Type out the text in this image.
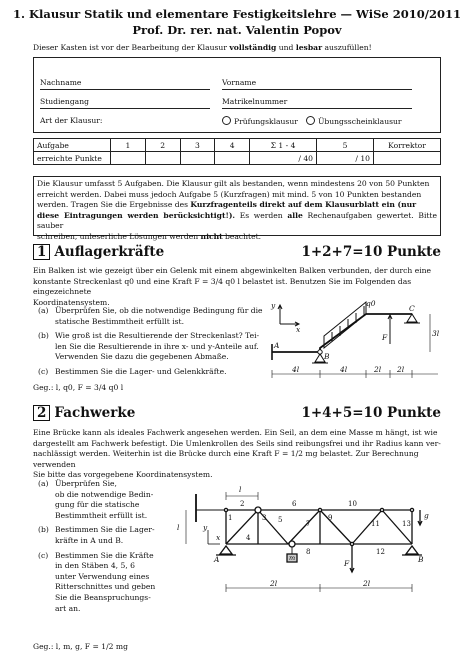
1. Klausur Statik und elementare Festigkeitslehre — WiSe 2010/2011
Prof. Dr. rer. nat. Valentin Popov
Dieser Kasten ist vor der Bearbeitung der Klausur vollständig und lesbar auszufüllen!
Nachname	Vorname
Studiengang	Matrikelnummer
Art der Klausur:	Prüfungsklausur	Übungsscheinklausur
Aufgabe	1	2	3	4	Σ 1 - 4	5	Korrektor
erreichte Punkte					/ 40	/ 10	
Die Klausur umfasst 5 Aufgaben. Die Klausur gilt als bestanden, wenn mindestens 20 von 50 Punkten
erreicht werden. Dabei muss jedoch Aufgabe 5 (Kurzfragen) mit mind. 5 von 10 Punkten bestanden
werden. Tragen Sie die Ergebnisse des Kurzfragenteils direkt auf dem Klausurblatt ein (nur
diese Eintragungen werden berücksichtigt!). Es werden alle Rechenaufgaben gewertet. Bitte sauber
schreiben, unleserliche Lösungen werden nicht beachtet.
1 Auflagerkräfte	1+2+7=10 Punkte
Ein Balken ist wie gezeigt über ein Gelenk mit einem abgewinkelten Balken verbunden, der durch eine
konstante Streckenlast q0 und eine Kraft F = 3/4 q0 l belastet ist. Benutzen Sie im Folgenden das eingezeichnete
Koordinatensystem.
(a) Überprüfen Sie, ob die notwendige Bedingung für die
statische Bestimmtheit erfüllt ist.
(b) Wie groß ist die Resultierende der Streckenlast? Tei-
len Sie die Resultierende in ihre x- und y-Anteile auf.
Verwenden Sie dazu die gegebenen Abmaße.
(c) Bestimmen Sie die Lager- und Gelenkkräfte.
Geg.: l, q0, F = 3/4 q0 l
y
x
q0
C
F
A
B
3l
4l	4l	2l 2l
2 Fachwerke	1+4+5=10 Punkte
Eine Brücke kann als ideales Fachwerk angesehen werden. Ein Seil, an dem eine Masse m hängt, ist wie
dargestellt am Fachwerk befestigt. Die Umlenkrollen des Seils sind reibungsfrei und ihr Radius kann ver-
nachlässigt werden. Weiterhin ist die Brücke durch eine Kraft F = 1/2 mg belastet. Zur Berechnung verwenden
Sie bitte das vorgegebene Koordinatensystem.
(a) Überprüfen Sie,
ob die notwendige Bedin-
gung für die statische
Bestimmtheit erfüllt ist.
(b) Bestimmen Sie die Lager-
kräfte in A und B.
(c) Bestimmen Sie die Kräfte
in den Stäben 4, 5, 6
unter Verwendung eines
Ritterschnittes und geben
Sie die Beanspruchungs-
art an.
Geg.: l, m, g, F = 1/2 mg
l
l
A	B
F
m
g
x
y
2l	2l
1
2
3
4
5
6
7
8
9
10
11
12
13
